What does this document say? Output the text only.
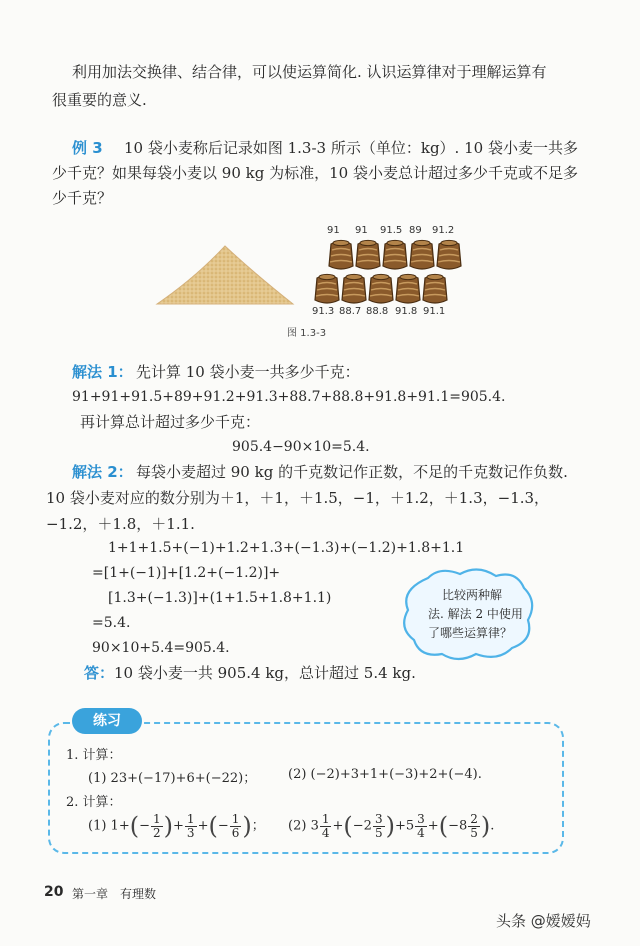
利用加法交换律、结合律，可以使运算简化. 认识运算律对于理解运算有
很重要的意义.
例 3 10 袋小麦称后记录如图 1.3-3 所示（单位：kg）. 10 袋小麦一共多
少千克？如果每袋小麦以 90 kg 为标准，10 袋小麦总计超过多少千克或不足多
少千克？
91 91 91.5 89 91.2
91.3 88.7 88.8 91.8 91.1
图 1.3-3
解法 1： 先计算 10 袋小麦一共多少千克：
91+91+91.5+89+91.2+91.3+88.7+88.8+91.8+91.1=905.4.
再计算总计超过多少千克：
905.4−90×10=5.4.
解法 2： 每袋小麦超过 90 kg 的千克数记作正数，不足的千克数记作负数.
10 袋小麦对应的数分别为＋1，＋1，＋1.5，−1，＋1.2，＋1.3，−1.3，
−1.2，＋1.8，＋1.1.
1+1+1.5+(−1)+1.2+1.3+(−1.3)+(−1.2)+1.8+1.1
=[1+(−1)]+[1.2+(−1.2)]+
[1.3+(−1.3)]+(1+1.5+1.8+1.1)
=5.4.
90×10+5.4=905.4.
比较两种解
法. 解法 2 中使用
了哪些运算律？
答： 10 袋小麦一共 905.4 kg，总计超过 5.4 kg.
练习
1. 计算：
(1) 23+(−17)+6+(−22)； (2) (−2)+3+1+(−3)+2+(−4).
2. 计算：
(1) $1+(- \frac{1}{2}$ )+ $\frac{1}{3}$ +(− $\frac{1}{6}$ )； (2) $3 \frac{1}{4} +(-2 \frac{3}{5} )+5 \frac{3}{4} +(-8 \frac{2}{5}$ ).
20 第一章　有理数
头条 @嫒嫒妈
